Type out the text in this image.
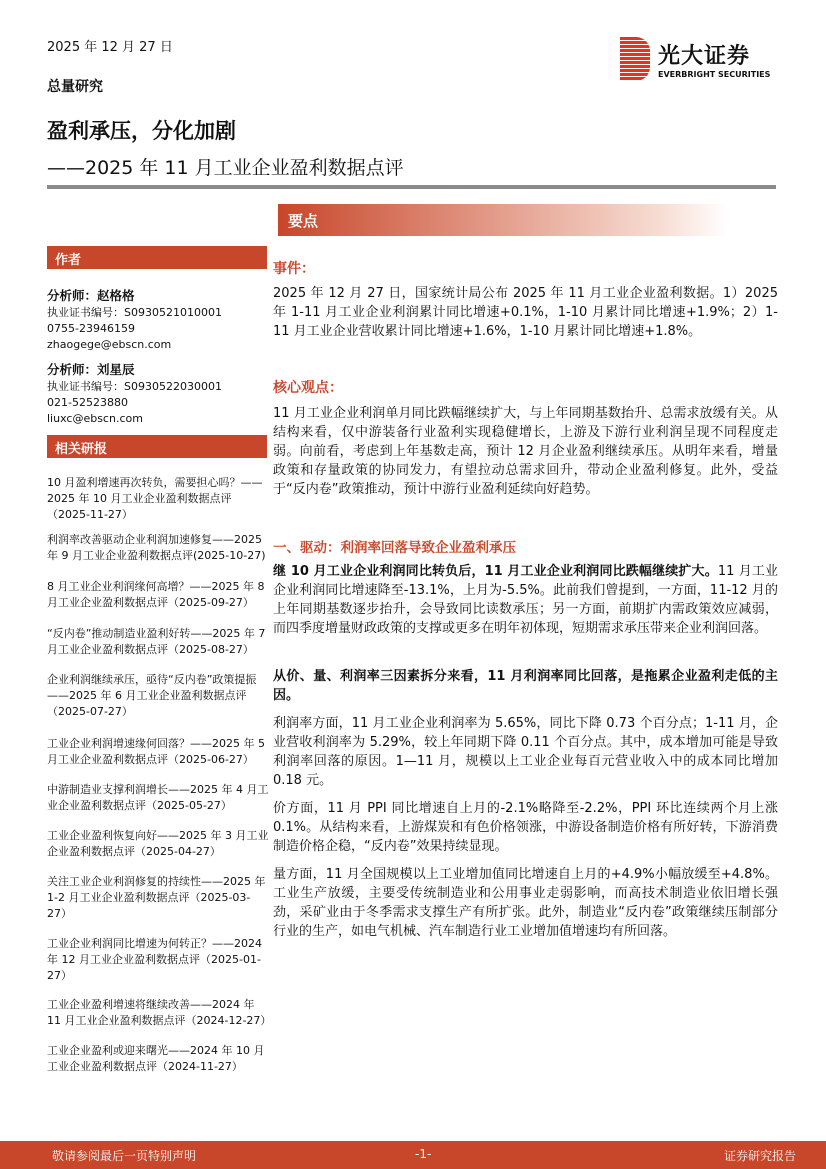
2025 年 12 月 27 日
总量研究
盈利承压，分化加剧
——2025 年 11 月工业企业盈利数据点评
光大证券
EVERBRIGHT SECURITIES
要点
作者
分析师：赵格格
执业证书编号：S0930521010001
0755-23946159
zhaogege@ebscn.com
分析师：刘星辰
执业证书编号：S0930522030001
021-52523880
liuxc@ebscn.com
相关研报
10 月盈利增速再次转负，需要担心吗？——2025 年 10 月工业企业盈利数据点评（2025-11-27）
利润率改善驱动企业利润加速修复——2025 年 9 月工业企业盈利数据点评(2025-10-27)
8 月工业企业利润缘何高增？——2025 年 8 月工业企业盈利数据点评（2025-09-27）
“反内卷”推动制造业盈利好转——2025 年 7 月工业企业盈利数据点评（2025-08-27）
企业利润继续承压，亟待“反内卷”政策提振——2025 年 6 月工业企业盈利数据点评（2025-07-27）
工业企业利润增速缘何回落？——2025 年 5 月工业企业盈利数据点评（2025-06-27）
中游制造业支撑利润增长——2025 年 4 月工业企业盈利数据点评（2025-05-27）
工业企业盈利恢复向好——2025 年 3 月工业企业盈利数据点评（2025-04-27）
关注工业企业利润修复的持续性——2025 年 1-2 月工业企业盈利数据点评（2025-03-27）
工业企业利润同比增速为何转正？——2024 年 12 月工业企业盈利数据点评（2025-01-27）
工业企业盈利增速将继续改善——2024 年 11 月工业企业盈利数据点评（2024-12-27）
工业企业盈利或迎来曙光——2024 年 10 月工业企业盈利数据点评（2024-11-27）
事件：
2025 年 12 月 27 日，国家统计局公布 2025 年 11 月工业企业盈利数据。1）2025 年 1-11 月工业企业利润累计同比增速+0.1%，1-10 月累计同比增速+1.9%；2）1-11 月工业企业营收累计同比增速+1.6%，1-10 月累计同比增速+1.8%。
核心观点：
11 月工业企业利润单月同比跌幅继续扩大，与上年同期基数抬升、总需求放缓有关。从结构来看，仅中游装备行业盈利实现稳健增长，上游及下游行业利润呈现不同程度走弱。向前看，考虑到上年基数走高，预计 12 月企业盈利继续承压。从明年来看，增量政策和存量政策的协同发力，有望拉动总需求回升，带动企业盈利修复。此外，受益于“反内卷”政策推动，预计中游行业盈利延续向好趋势。
一、驱动：利润率回落导致企业盈利承压
继 10 月工业企业利润同比转负后，11 月工业企业利润同比跌幅继续扩大。11 月工业企业利润同比增速降至-13.1%，上月为-5.5%。此前我们曾提到，一方面，11-12 月的上年同期基数逐步抬升，会导致同比读数承压；另一方面，前期扩内需政策效应减弱，而四季度增量财政政策的支撑或更多在明年初体现，短期需求承压带来企业利润回落。
从价、量、利润率三因素拆分来看，11 月利润率同比回落，是拖累企业盈利走低的主因。
利润率方面，11 月工业企业利润率为 5.65%，同比下降 0.73 个百分点；1-11 月，企业营收利润率为 5.29%，较上年同期下降 0.11 个百分点。其中，成本增加可能是导致利润率回落的原因。1—11 月，规模以上工业企业每百元营业收入中的成本同比增加 0.18 元。
价方面，11 月 PPI 同比增速自上月的-2.1%略降至-2.2%，PPI 环比连续两个月上涨 0.1%。从结构来看，上游煤炭和有色价格领涨，中游设备制造价格有所好转，下游消费制造价格企稳，“反内卷”效果持续显现。
量方面，11 月全国规模以上工业增加值同比增速自上月的+4.9%小幅放缓至+4.8%。工业生产放缓，主要受传统制造业和公用事业走弱影响，而高技术制造业依旧增长强劲，采矿业由于冬季需求支撑生产有所扩张。此外，制造业“反内卷”政策继续压制部分行业的生产，如电气机械、汽车制造行业工业增加值增速均有所回落。
敬请参阅最后一页特别声明	-1-	证券研究报告
